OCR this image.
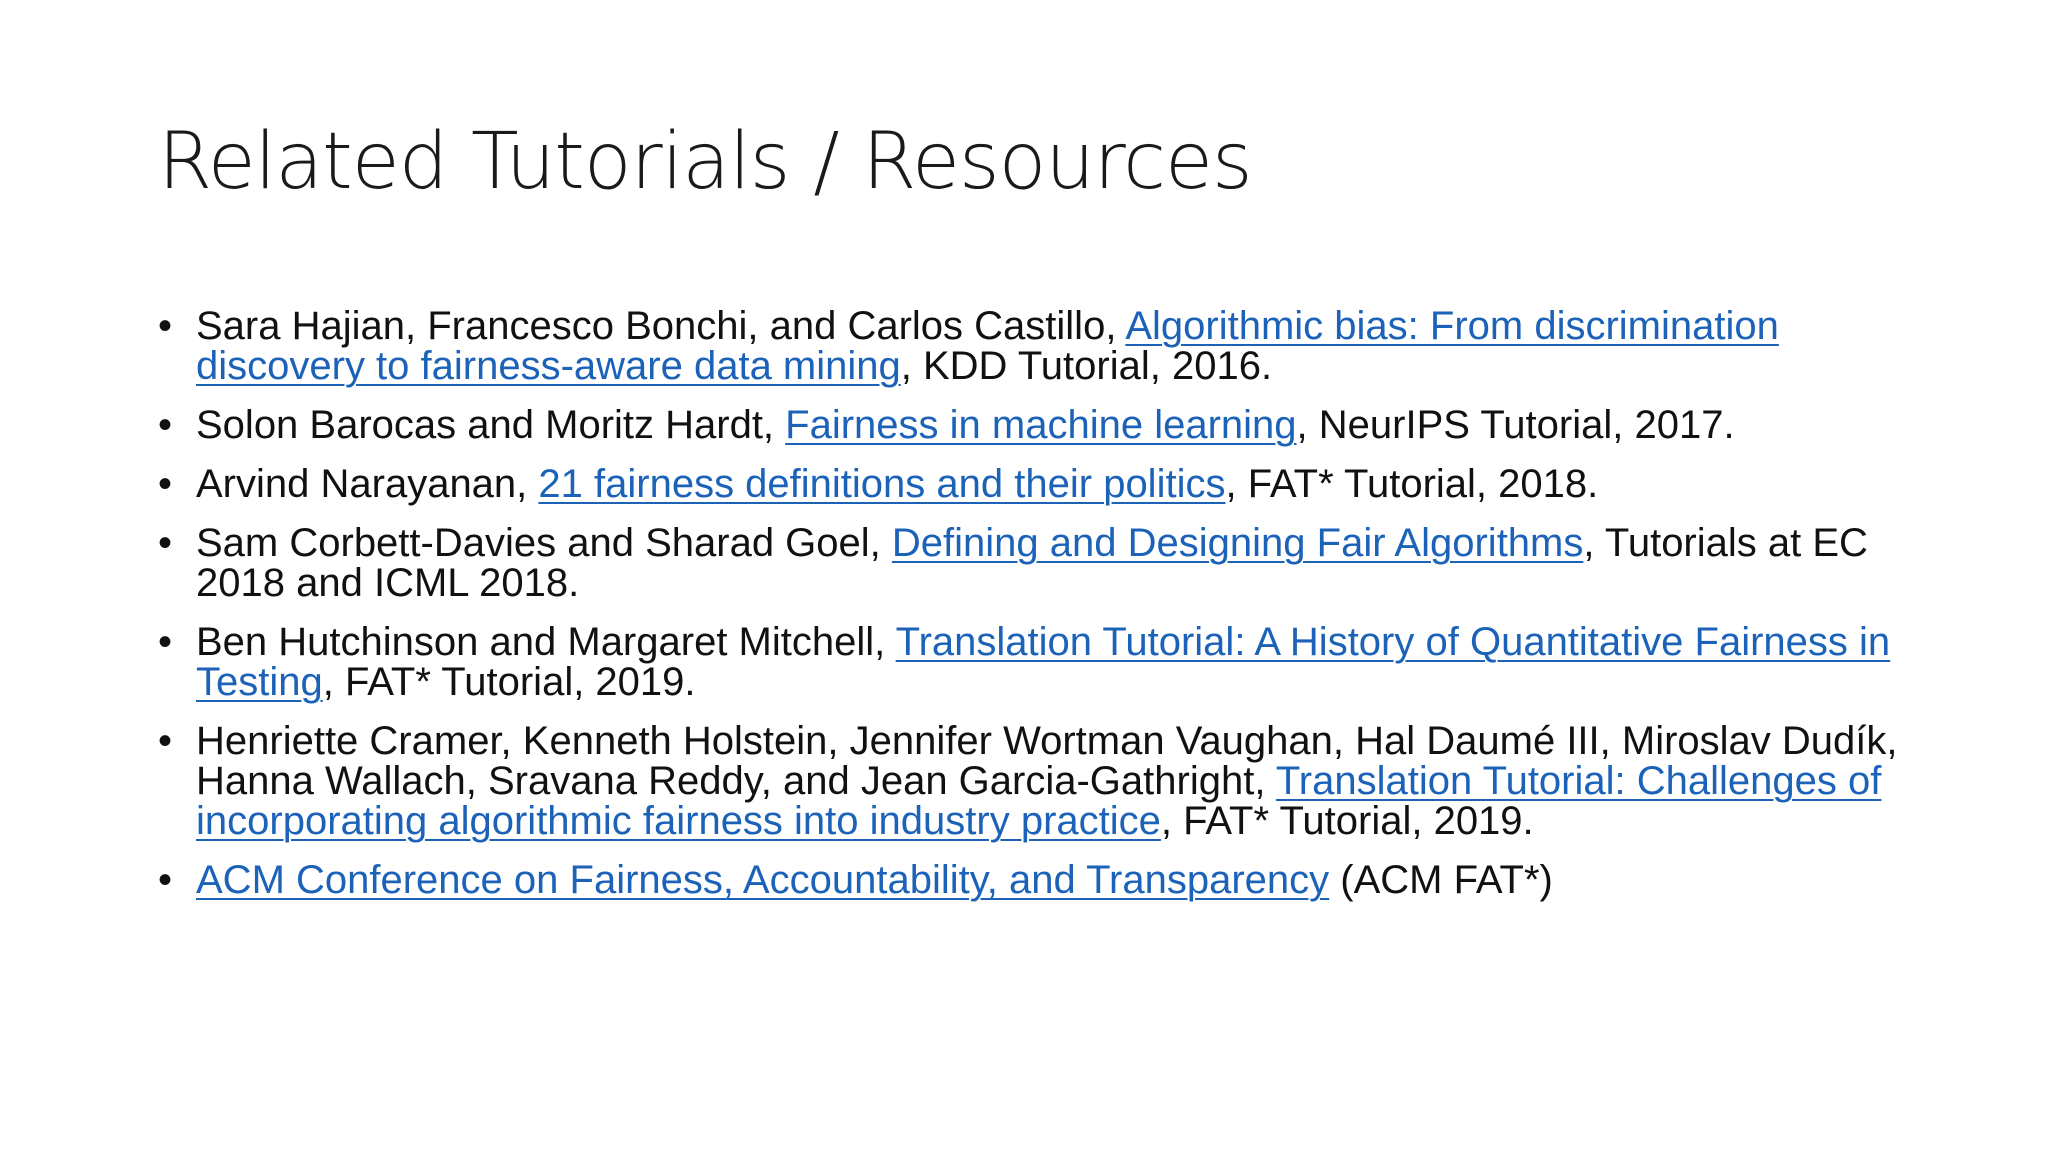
Related Tutorials / Resources
• Sara Hajian, Francesco Bonchi, and Carlos Castillo, Algorithmic bias: From discrimination discovery to fairness-aware data mining, KDD Tutorial, 2016.
• Solon Barocas and Moritz Hardt, Fairness in machine learning, NeurIPS Tutorial, 2017.
• Arvind Narayanan, 21 fairness definitions and their politics, FAT* Tutorial, 2018.
• Sam Corbett-Davies and Sharad Goel, Defining and Designing Fair Algorithms, Tutorials at EC 2018 and ICML 2018.
• Ben Hutchinson and Margaret Mitchell, Translation Tutorial: A History of Quantitative Fairness in Testing, FAT* Tutorial, 2019.
• Henriette Cramer, Kenneth Holstein, Jennifer Wortman Vaughan, Hal Daumé III, Miroslav Dudík, Hanna Wallach, Sravana Reddy, and Jean Garcia-Gathright, Translation Tutorial: Challenges of incorporating algorithmic fairness into industry practice, FAT* Tutorial, 2019.
• ACM Conference on Fairness, Accountability, and Transparency (ACM FAT*)
